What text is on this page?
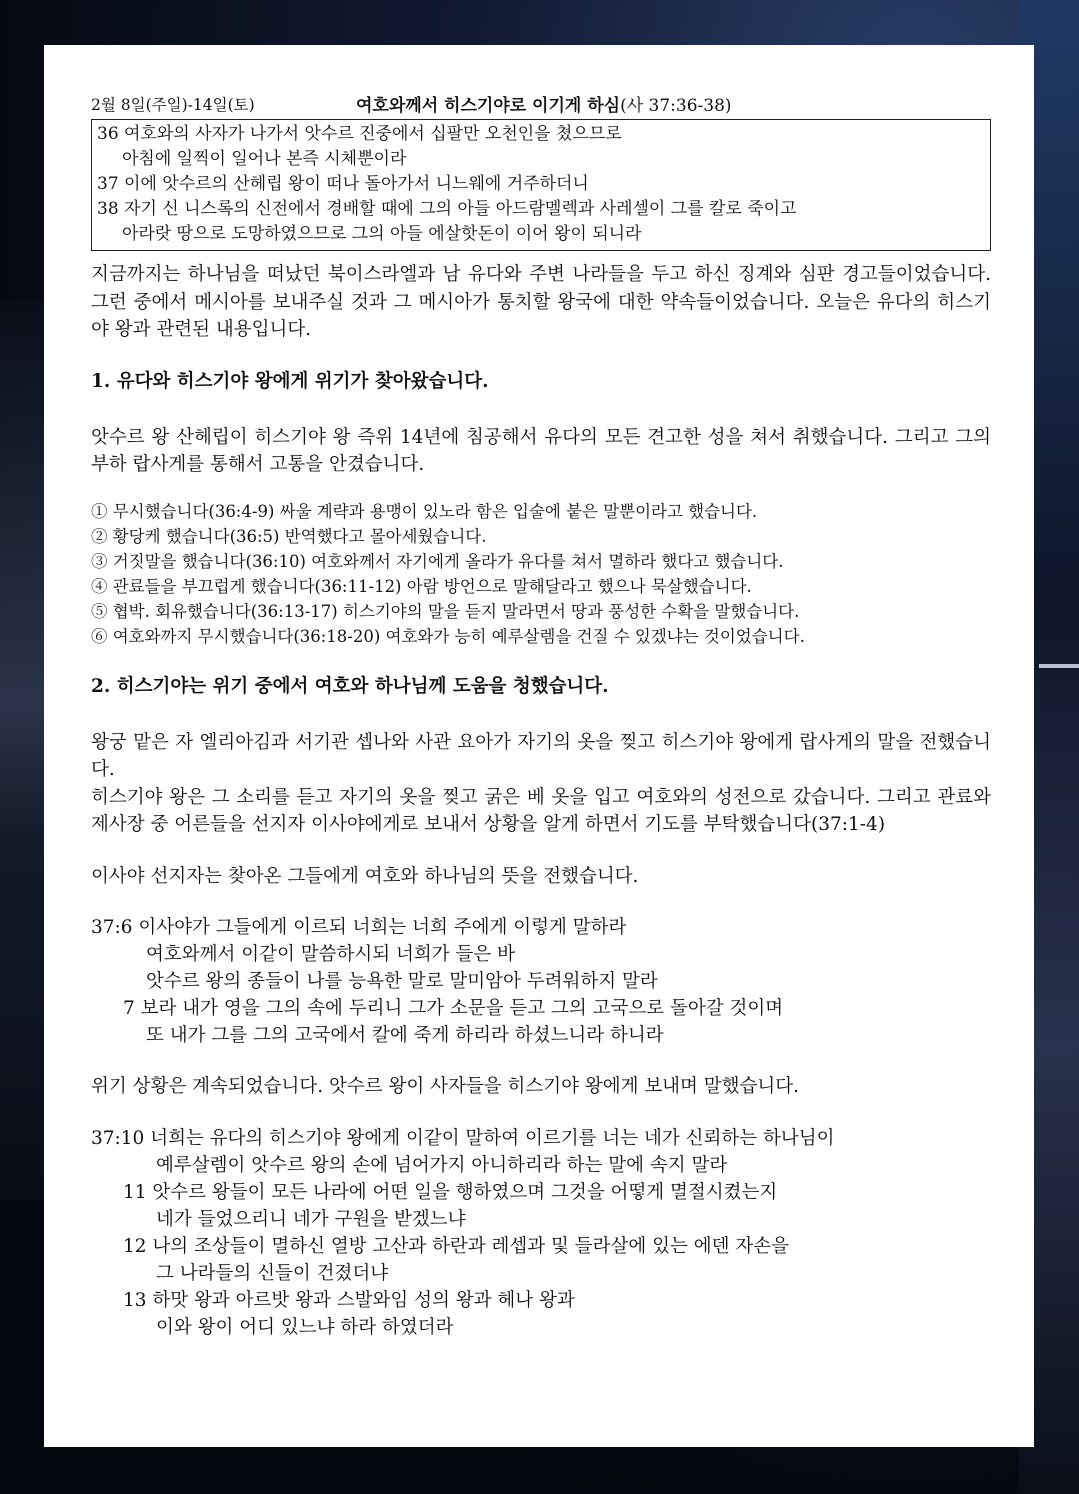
2월 8일(주일)-14일(토)	여호와께서 히스기야로 이기게 하심(사 37:36-38)
36 여호와의 사자가 나가서 앗수르 진중에서 십팔만 오천인을 쳤으므로
아침에 일찍이 일어나 본즉 시체뿐이라
37 이에 앗수르의 산헤립 왕이 떠나 돌아가서 니느웨에 거주하더니
38 자기 신 니스록의 신전에서 경배할 때에 그의 아들 아드람멜렉과 사레셀이 그를 칼로 죽이고
아라랏 땅으로 도망하였으므로 그의 아들 에살핫돈이 이어 왕이 되니라

지금까지는 하나님을 떠났던 북이스라엘과 남 유다와 주변 나라들을 두고 하신 징계와 심판 경고들이었습니다. 그런 중에서 메시아를 보내주실 것과 그 메시아가 통치할 왕국에 대한 약속들이었습니다. 오늘은 유다의 히스기야 왕과 관련된 내용입니다.

1. 유다와 히스기야 왕에게 위기가 찾아왔습니다.

앗수르 왕 산헤립이 히스기야 왕 즉위 14년에 침공해서 유다의 모든 견고한 성을 쳐서 취했습니다. 그리고 그의 부하 랍사게를 통해서 고통을 안겼습니다.

① 무시했습니다(36:4-9) 싸울 계략과 용맹이 있노라 함은 입술에 붙은 말뿐이라고 했습니다.

② 황당케 했습니다(36:5) 반역했다고 몰아세웠습니다.

③ 거짓말을 했습니다(36:10) 여호와께서 자기에게 올라가 유다를 쳐서 멸하라 했다고 했습니다.

④ 관료들을 부끄럽게 했습니다(36:11-12) 아람 방언으로 말해달라고 했으나 묵살했습니다.

⑤ 협박. 회유했습니다(36:13-17) 히스기야의 말을 듣지 말라면서 땅과 풍성한 수확을 말했습니다.

⑥ 여호와까지 무시했습니다(36:18-20) 여호와가 능히 예루살렘을 건질 수 있겠냐는 것이었습니다.

2. 히스기야는 위기 중에서 여호와 하나님께 도움을 청했습니다.

왕궁 맡은 자 엘리아김과 서기관 셉나와 사관 요아가 자기의 옷을 찢고 히스기야 왕에게 랍사게의 말을 전했습니다.

히스기야 왕은 그 소리를 듣고 자기의 옷을 찢고 굵은 베 옷을 입고 여호와의 성전으로 갔습니다. 그리고 관료와 제사장 중 어른들을 선지자 이사야에게로 보내서 상황을 알게 하면서 기도를 부탁했습니다(37:1-4)

이사야 선지자는 찾아온 그들에게 여호와 하나님의 뜻을 전했습니다.

37:6 이사야가 그들에게 이르되 너희는 너희 주에게 이렇게 말하라
여호와께서 이같이 말씀하시되 너희가 들은 바
앗수르 왕의 종들이 나를 능욕한 말로 말미암아 두려워하지 말라
7 보라 내가 영을 그의 속에 두리니 그가 소문을 듣고 그의 고국으로 돌아갈 것이며
또 내가 그를 그의 고국에서 칼에 죽게 하리라 하셨느니라 하니라

위기 상황은 계속되었습니다. 앗수르 왕이 사자들을 히스기야 왕에게 보내며 말했습니다.

37:10 너희는 유다의 히스기야 왕에게 이같이 말하여 이르기를 너는 네가 신뢰하는 하나님이
예루살렘이 앗수르 왕의 손에 넘어가지 아니하리라 하는 말에 속지 말라
11 앗수르 왕들이 모든 나라에 어떤 일을 행하였으며 그것을 어떻게 멸절시켰는지
네가 들었으리니 네가 구원을 받겠느냐
12 나의 조상들이 멸하신 열방 고산과 하란과 레셉과 및 들라살에 있는 에덴 자손을
그 나라들의 신들이 건졌더냐
13 하맛 왕과 아르밧 왕과 스발와임 성의 왕과 헤나 왕과
이와 왕이 어디 있느냐 하라 하였더라
